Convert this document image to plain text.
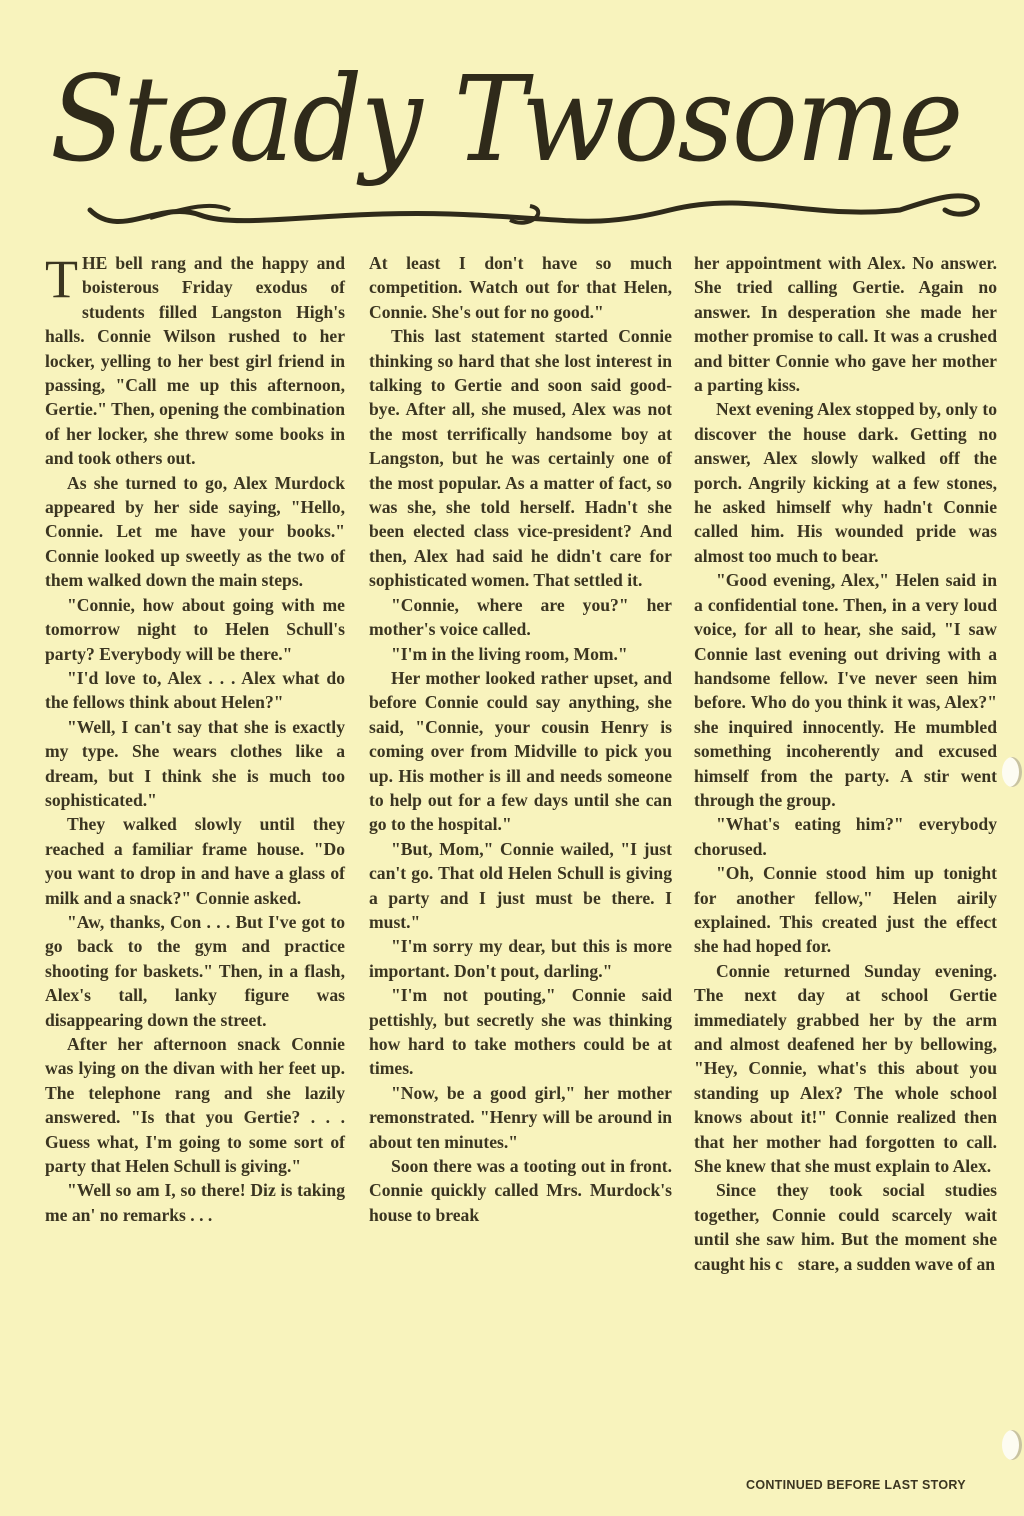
Steady Twosome

THE bell rang and the happy and boisterous Friday exodus of students filled Langston High's halls. Connie Wilson rushed to her locker, yelling to her best girl friend in passing, "Call me up this afternoon, Gertie." Then, opening the combination of her locker, she threw some books in and took others out.

As she turned to go, Alex Murdock appeared by her side saying, "Hello, Connie. Let me have your books." Connie looked up sweetly as the two of them walked down the main steps.

"Connie, how about going with me tomorrow night to Helen Schull's party? Everybody will be there."

"I'd love to, Alex . . . Alex what do the fellows think about Helen?"

"Well, I can't say that she is exactly my type. She wears clothes like a dream, but I think she is much too sophisticated."

They walked slowly until they reached a familiar frame house. "Do you want to drop in and have a glass of milk and a snack?" Connie asked.

"Aw, thanks, Con . . . But I've got to go back to the gym and practice shooting for baskets." Then, in a flash, Alex's tall, lanky figure was disappearing down the street.

After her afternoon snack Connie was lying on the divan with her feet up. The telephone rang and she lazily answered. "Is that you Gertie? . . . Guess what, I'm going to some sort of party that Helen Schull is giving."

"Well so am I, so there! Diz is taking me an' no remarks . . .

At least I don't have so much competition. Watch out for that Helen, Connie. She's out for no good."

This last statement started Connie thinking so hard that she lost interest in talking to Gertie and soon said good-bye. After all, she mused, Alex was not the most terrifically handsome boy at Langston, but he was certainly one of the most popular. As a matter of fact, so was she, she told herself. Hadn't she been elected class vice-president? And then, Alex had said he didn't care for sophisticated women. That settled it.

"Connie, where are you?" her mother's voice called.

"I'm in the living room, Mom."

Her mother looked rather upset, and before Connie could say anything, she said, "Connie, your cousin Henry is coming over from Midville to pick you up. His mother is ill and needs someone to help out for a few days until she can go to the hospital."

"But, Mom," Connie wailed, "I just can't go. That old Helen Schull is giving a party and I just must be there. I must."

"I'm sorry my dear, but this is more important. Don't pout, darling."

"I'm not pouting," Connie said pettishly, but secretly she was thinking how hard to take mothers could be at times.

"Now, be a good girl," her mother remonstrated. "Henry will be around in about ten minutes."

Soon there was a tooting out in front. Connie quickly called Mrs. Murdock's house to break

her appointment with Alex. No answer. She tried calling Gertie. Again no answer. In desperation she made her mother promise to call. It was a crushed and bitter Connie who gave her mother a parting kiss.

Next evening Alex stopped by, only to discover the house dark. Getting no answer, Alex slowly walked off the porch. Angrily kicking at a few stones, he asked himself why hadn't Connie called him. His wounded pride was almost too much to bear.

"Good evening, Alex," Helen said in a confidential tone. Then, in a very loud voice, for all to hear, she said, "I saw Connie last evening out driving with a handsome fellow. I've never seen him before. Who do you think it was, Alex?" she inquired innocently. He mumbled something incoherently and excused himself from the party. A stir went through the group.

"What's eating him?" everybody chorused.

"Oh, Connie stood him up tonight for another fellow," Helen airily explained. This created just the effect she had hoped for.

Connie returned Sunday evening. The next day at school Gertie immediately grabbed her by the arm and almost deafened her by bellowing, "Hey, Connie, what's this about you standing up Alex? The whole school knows about it!" Connie realized then that her mother had forgotten to call. She knew that she must explain to Alex.

Since they took social studies together, Connie could scarcely wait until she saw him. But the moment she caught his c    stare, a sudden wave of an

CONTINUED BEFORE LAST STORY
